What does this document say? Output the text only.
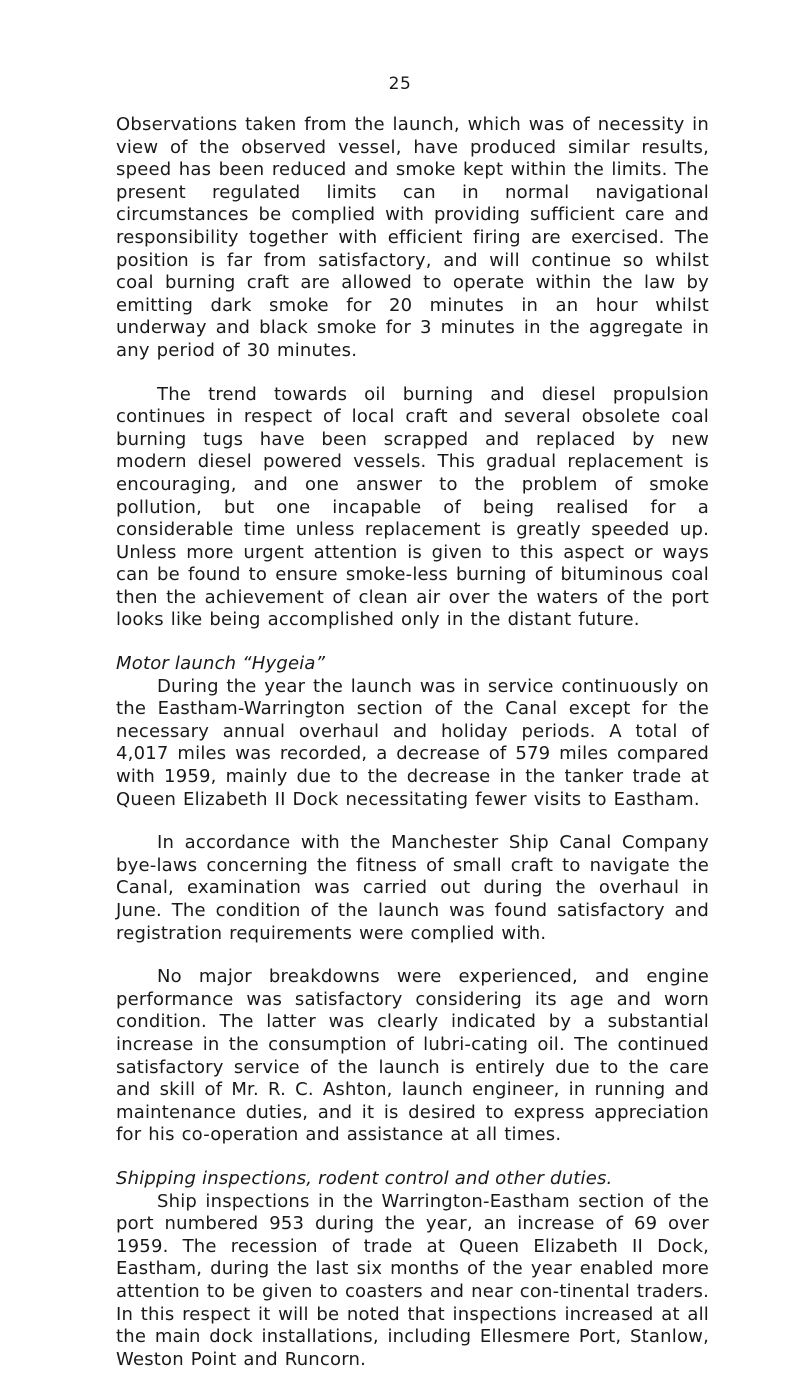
25

Observations taken from the launch, which was of necessity in view of the observed vessel, have produced similar results, speed has been reduced and smoke kept within the limits. The present regulated limits can in normal navigational circumstances be complied with providing sufficient care and responsibility together with efficient firing are exercised. The position is far from satisfactory, and will continue so whilst coal burning craft are allowed to operate within the law by emitting dark smoke for 20 minutes in an hour whilst underway and black smoke for 3 minutes in the aggregate in any period of 30 minutes.

The trend towards oil burning and diesel propulsion continues in respect of local craft and several obsolete coal burning tugs have been scrapped and replaced by new modern diesel powered vessels. This gradual replacement is encouraging, and one answer to the problem of smoke pollution, but one incapable of being realised for a considerable time unless replacement is greatly speeded up. Unless more urgent attention is given to this aspect or ways can be found to ensure smoke-less burning of bituminous coal then the achievement of clean air over the waters of the port looks like being accomplished only in the distant future.

Motor launch “Hygeia”

During the year the launch was in service continuously on the Eastham-Warrington section of the Canal except for the necessary annual overhaul and holiday periods. A total of 4,017 miles was recorded, a decrease of 579 miles compared with 1959, mainly due to the decrease in the tanker trade at Queen Elizabeth II Dock necessitating fewer visits to Eastham.

In accordance with the Manchester Ship Canal Company bye-laws concerning the fitness of small craft to navigate the Canal, examination was carried out during the overhaul in June. The condition of the launch was found satisfactory and registration requirements were complied with.

No major breakdowns were experienced, and engine performance was satisfactory considering its age and worn condition. The latter was clearly indicated by a substantial increase in the consumption of lubri-cating oil. The continued satisfactory service of the launch is entirely due to the care and skill of Mr. R. C. Ashton, launch engineer, in running and maintenance duties, and it is desired to express appreciation for his co-operation and assistance at all times.

Shipping inspections, rodent control and other duties.

Ship inspections in the Warrington-Eastham section of the port numbered 953 during the year, an increase of 69 over 1959. The recession of trade at Queen Elizabeth II Dock, Eastham, during the last six months of the year enabled more attention to be given to coasters and near con-tinental traders. In this respect it will be noted that inspections increased at all the main dock installations, including Ellesmere Port, Stanlow, Weston Point and Runcorn.
